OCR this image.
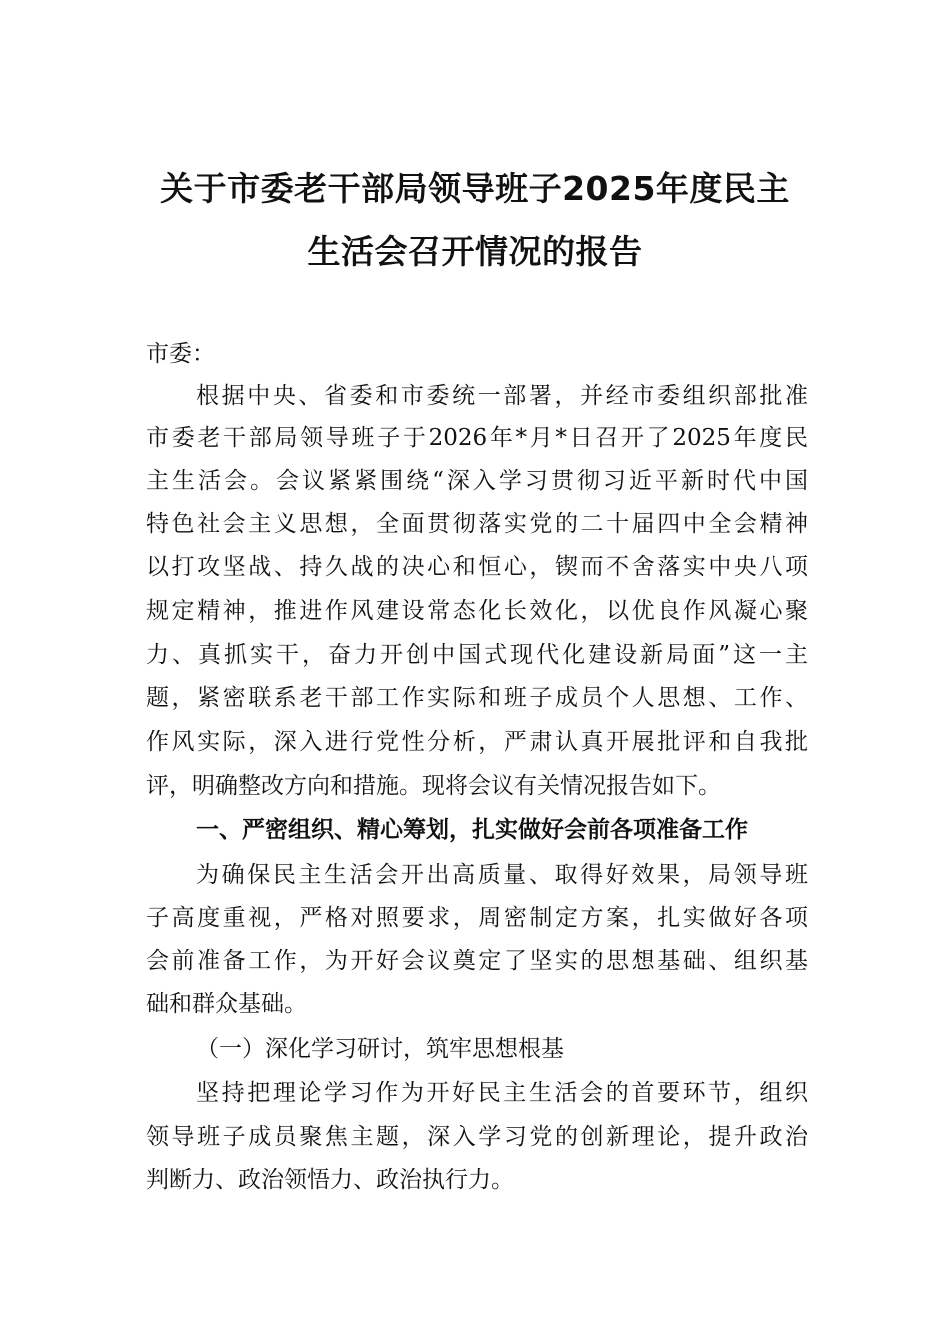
关于市委老干部局领导班子2025年度民主
生活会召开情况的报告
市委：
根据中央、省委和市委统一部署，并经市委组织部批准
市委老干部局领导班子于2026年*月*日召开了2025年度民
主生活会。会议紧紧围绕“深入学习贯彻习近平新时代中国
特色社会主义思想，全面贯彻落实党的二十届四中全会精神
以打攻坚战、持久战的决心和恒心，锲而不舍落实中央八项
规定精神，推进作风建设常态化长效化，以优良作风凝心聚
力、真抓实干，奋力开创中国式现代化建设新局面”这一主
题，紧密联系老干部工作实际和班子成员个人思想、工作、
作风实际，深入进行党性分析，严肃认真开展批评和自我批
评，明确整改方向和措施。现将会议有关情况报告如下。
一、严密组织、精心筹划，扎实做好会前各项准备工作
为确保民主生活会开出高质量、取得好效果，局领导班
子高度重视，严格对照要求，周密制定方案，扎实做好各项
会前准备工作，为开好会议奠定了坚实的思想基础、组织基
础和群众基础。
（一）深化学习研讨，筑牢思想根基
坚持把理论学习作为开好民主生活会的首要环节，组织
领导班子成员聚焦主题，深入学习党的创新理论，提升政治
判断力、政治领悟力、政治执行力。
